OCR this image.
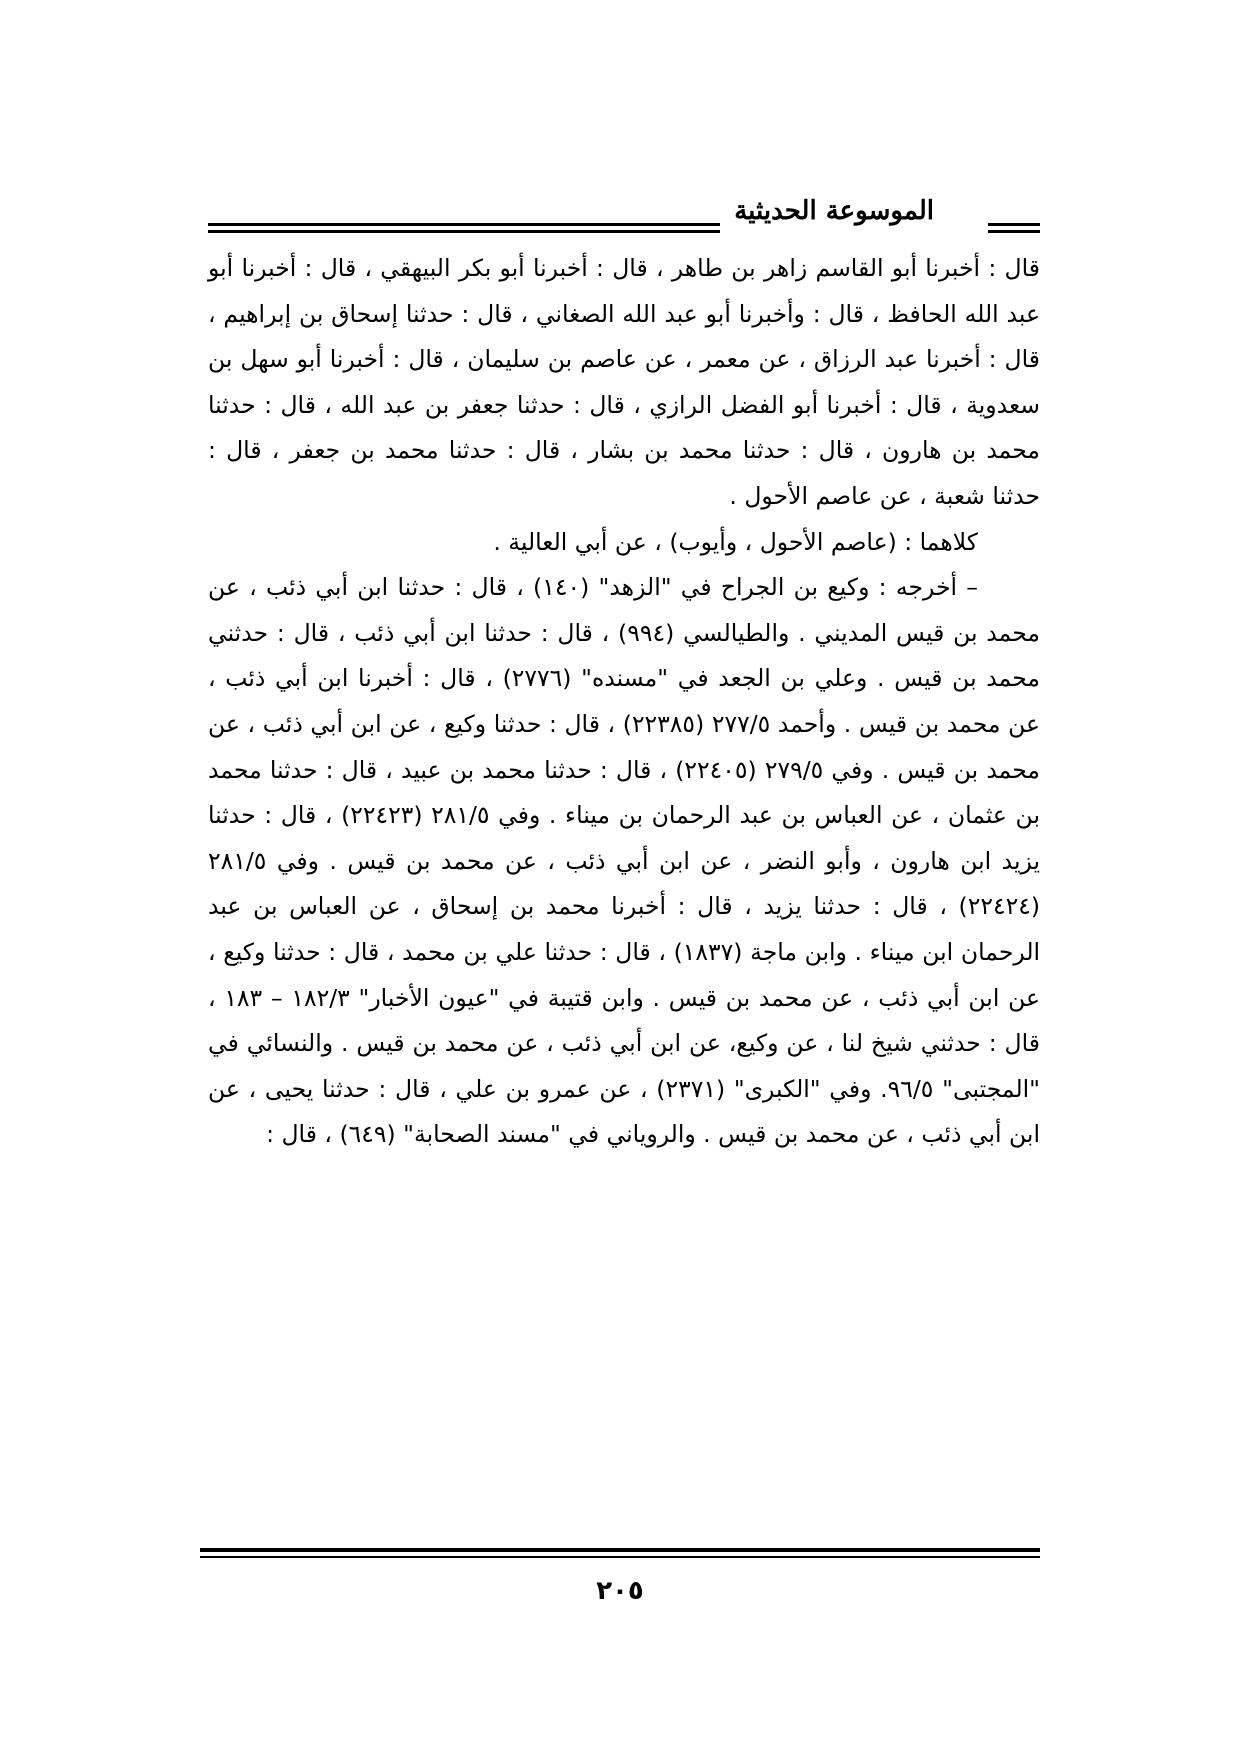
الموسوعة الحديثية

قال : أخبرنا أبو القاسم زاهر بن طاهر ، قال : أخبرنا أبو بكر البيهقي ، قال : أخبرنا أبو عبد الله الحافظ ، قال : وأخبرنا أبو عبد الله الصغاني ، قال : حدثنا إسحاق بن إبراهيم ، قال : أخبرنا عبد الرزاق ، عن معمر ، عن عاصم بن سليمان ، قال : أخبرنا أبو سهل بن سعدوية ، قال : أخبرنا أبو الفضل الرازي ، قال : حدثنا جعفر بن عبد الله ، قال : حدثنا محمد بن هارون ، قال : حدثنا محمد بن بشار ، قال : حدثنا محمد بن جعفر ، قال : حدثنا شعبة ، عن عاصم الأحول .

كلاهما : (عاصم الأحول ، وأيوب) ، عن أبي العالية .

– أخرجه : وكيع بن الجراح في "الزهد" (١٤٠) ، قال : حدثنا ابن أبي ذئب ، عن محمد بن قيس المديني . والطيالسي (٩٩٤) ، قال : حدثنا ابن أبي ذئب ، قال : حدثني محمد بن قيس . وعلي بن الجعد في "مسنده" (٢٧٧٦) ، قال : أخبرنا ابن أبي ذئب ، عن محمد بن قيس . وأحمد ٢٧٧/٥ (٢٢٣٨٥) ، قال : حدثنا وكيع ، عن ابن أبي ذئب ، عن محمد بن قيس . وفي ٢٧٩/٥ (٢٢٤٠٥) ، قال : حدثنا محمد بن عبيد ، قال : حدثنا محمد بن عثمان ، عن العباس بن عبد الرحمان بن ميناء . وفي ٢٨١/٥ (٢٢٤٢٣) ، قال : حدثنا يزيد ابن هارون ، وأبو النضر ، عن ابن أبي ذئب ، عن محمد بن قيس . وفي ٢٨١/٥ (٢٢٤٢٤) ، قال : حدثنا يزيد ، قال : أخبرنا محمد بن إسحاق ، عن العباس بن عبد الرحمان ابن ميناء . وابن ماجة (١٨٣٧) ، قال : حدثنا علي بن محمد ، قال : حدثنا وكيع ، عن ابن أبي ذئب ، عن محمد بن قيس . وابن قتيبة في "عيون الأخبار" ١٨٢/٣ – ١٨٣ ، قال : حدثني شيخ لنا ، عن وكيع، عن ابن أبي ذئب ، عن محمد بن قيس . والنسائي في "المجتبى" ٩٦/٥. وفي "الكبرى" (٢٣٧١) ، عن عمرو بن علي ، قال : حدثنا يحيى ، عن ابن أبي ذئب ، عن محمد بن قيس . والروياني في "مسند الصحابة" (٦٤٩) ، قال :

٢٠٥
